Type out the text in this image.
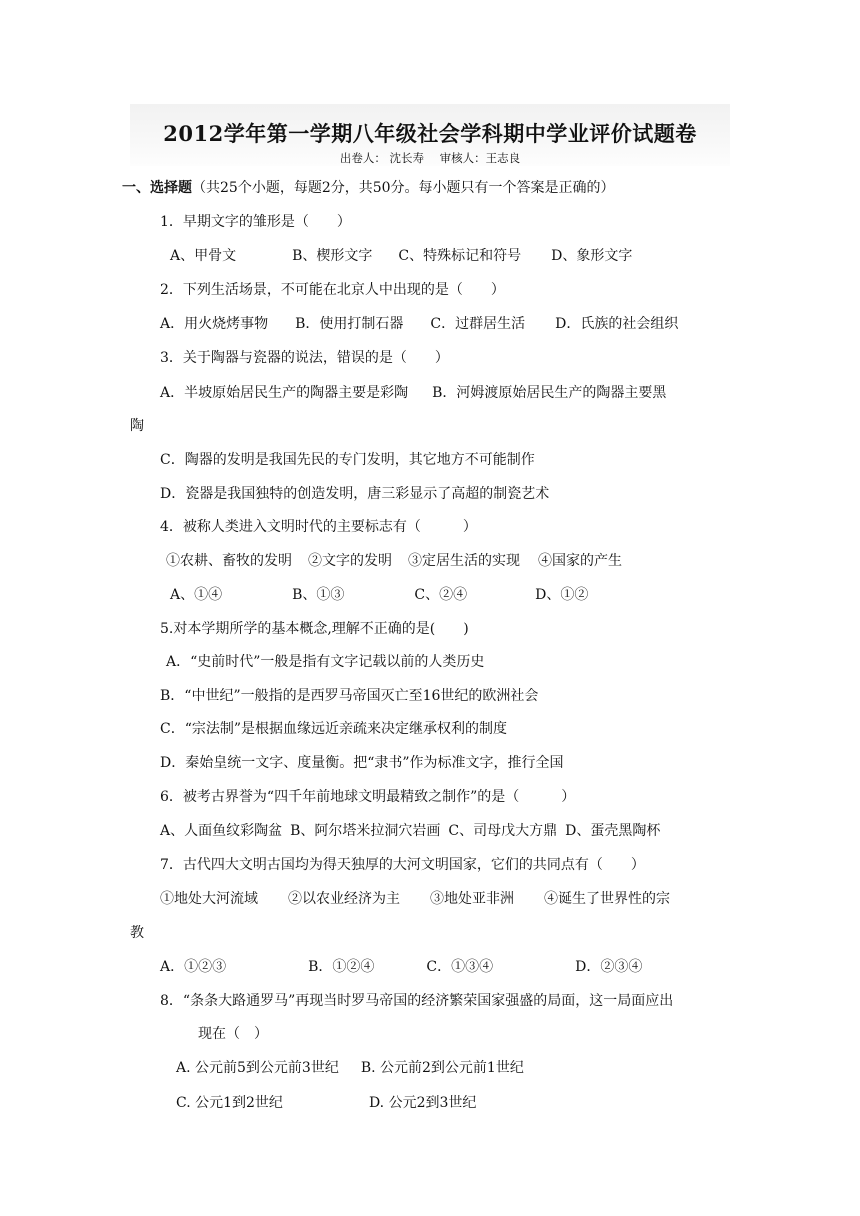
2012学年第一学期八年级社会学科期中学业评价试题卷
出卷人： 沈长寿 审核人：王志良
一、选择题（共25个小题，每题2分，共50分。每小题只有一个答案是正确的）
1．早期文字的雏形是（　　）
A、甲骨文	B、楔形文字 C、特殊标记和符号 D、象形文字
2．下列生活场景，不可能在北京人中出现的是（　　）
A．用火烧烤事物 B．使用打制石器 C．过群居生活 D．氏族的社会组织
3．关于陶器与瓷器的说法，错误的是（　　）
A．半坡原始居民生产的陶器主要是彩陶 B．河姆渡原始居民生产的陶器主要黑
陶
C．陶器的发明是我国先民的专门发明，其它地方不可能制作
D．瓷器是我国独特的创造发明，唐三彩显示了高超的制瓷艺术
4．被称人类进入文明时代的主要标志有（　　　）
①农耕、畜牧的发明 ②文字的发明 ③定居生活的实现 ④国家的产生
A、①④	B、①③	C、②④	D、①②
5.对本学期所学的基本概念,理解不正确的是(　　)
A．“史前时代”一般是指有文字记载以前的人类历史
B．“中世纪”一般指的是西罗马帝国灭亡至16世纪的欧洲社会
C．“宗法制”是根据血缘远近亲疏来决定继承权利的制度
D．秦始皇统一文字、度量衡。把“隶书”作为标准文字，推行全国
6．被考古界誉为“四千年前地球文明最精致之制作”的是（　　　）
A、人面鱼纹彩陶盆 B、阿尔塔米拉洞穴岩画 C、司母戊大方鼎 D、蛋壳黑陶杯
7．古代四大文明古国均为得天独厚的大河文明国家，它们的共同点有（　　）
①地处大河流域 ②以农业经济为主 ③地处亚非洲 ④诞生了世界性的宗
教
A．①②③	B．①②④	C．①③④	D．②③④
8．“条条大路通罗马”再现当时罗马帝国的经济繁荣国家强盛的局面，这一局面应出
现在（　）
A. 公元前5到公元前3世纪 B. 公元前2到公元前1世纪
C. 公元1到2世纪	D. 公元2到3世纪
